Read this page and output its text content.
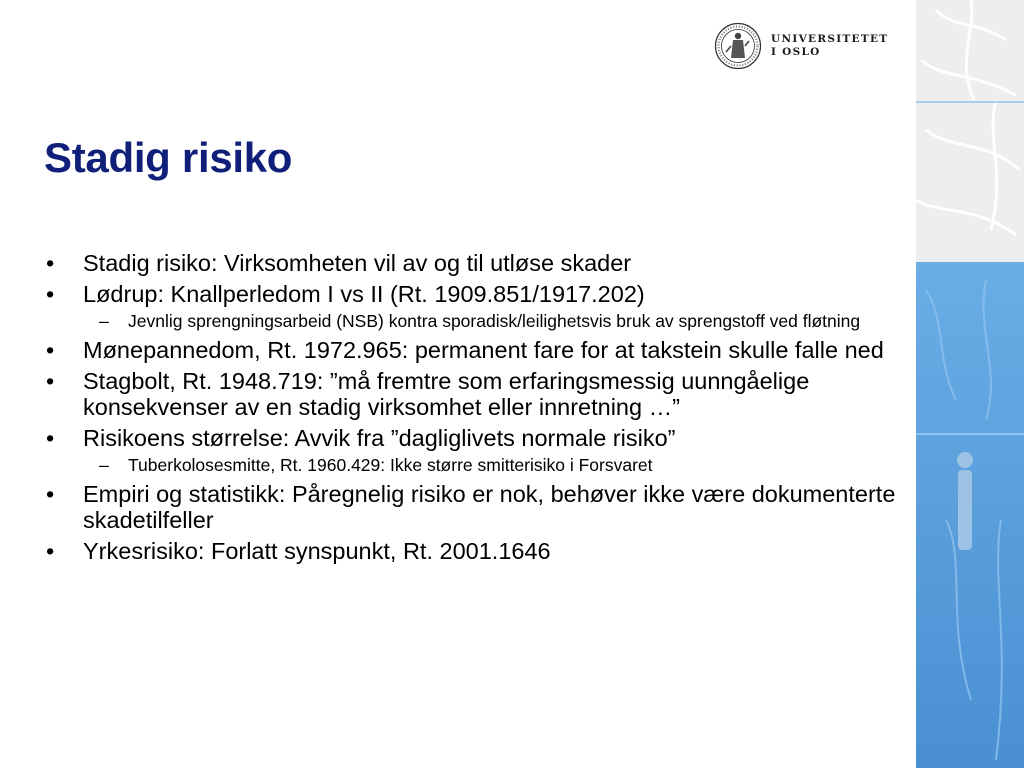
UNIVERSITETET
I OSLO
Stadig risiko
• Stadig risiko: Virksomheten vil av og til utløse skader
• Lødrup: Knallperledom I vs II (Rt. 1909.851/1917.202)
– Jevnlig sprengningsarbeid (NSB) kontra sporadisk/leilighetsvis bruk av sprengstoff ved fløtning
• Mønepannedom, Rt. 1972.965: permanent fare for at takstein skulle falle ned
• Stagbolt, Rt. 1948.719: ”må fremtre som erfaringsmessig uunngåelige konsekvenser av en stadig virksomhet eller innretning …”
• Risikoens størrelse: Avvik fra ”dagliglivets normale risiko”
– Tuberkolosesmitte, Rt. 1960.429: Ikke større smitterisiko i Forsvaret
• Empiri og statistikk: Påregnelig risiko er nok, behøver ikke være dokumenterte skadetilfeller
• Yrkesrisiko: Forlatt synspunkt, Rt. 2001.1646
